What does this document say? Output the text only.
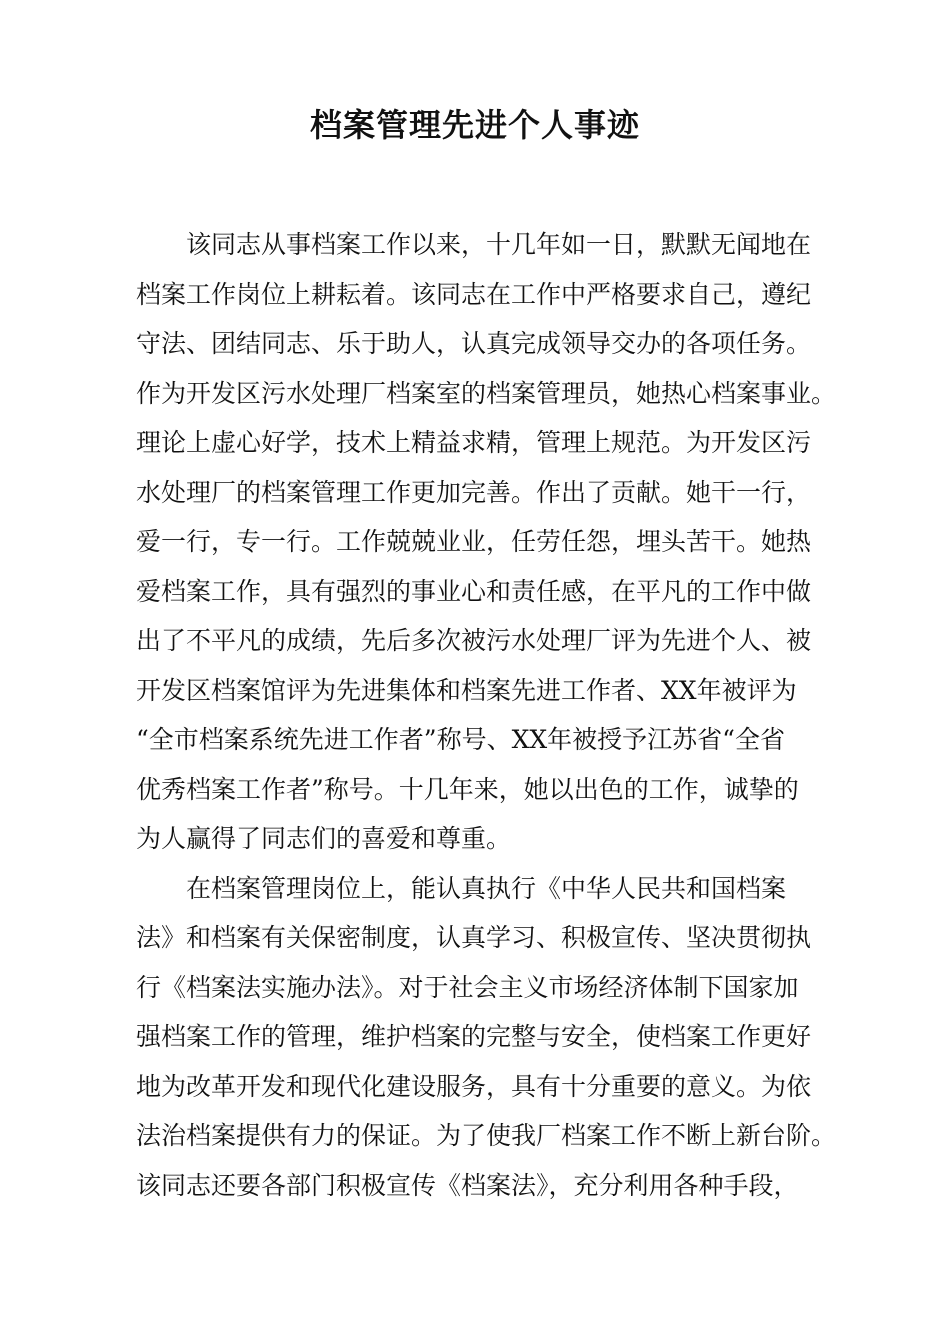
档案管理先进个人事迹
该同志从事档案工作以来，十几年如一日，默默无闻地在
档案工作岗位上耕耘着。该同志在工作中严格要求自己，遵纪
守法、团结同志、乐于助人，认真完成领导交办的各项任务。
作为开发区污水处理厂档案室的档案管理员，她热心档案事业。
理论上虚心好学，技术上精益求精，管理上规范。为开发区污
水处理厂的档案管理工作更加完善。作出了贡献。她干一行，
爱一行，专一行。工作兢兢业业，任劳任怨，埋头苦干。她热
爱档案工作，具有强烈的事业心和责任感，在平凡的工作中做
出了不平凡的成绩，先后多次被污水处理厂评为先进个人、被
开发区档案馆评为先进集体和档案先进工作者、XX年被评为
“全市档案系统先进工作者”称号、XX年被授予江苏省“全省
优秀档案工作者”称号。十几年来，她以出色的工作，诚挚的
为人赢得了同志们的喜爱和尊重。
在档案管理岗位上，能认真执行《中华人民共和国档案
法》和档案有关保密制度，认真学习、积极宣传、坚决贯彻执
行《档案法实施办法》。对于社会主义市场经济体制下国家加
强档案工作的管理，维护档案的完整与安全，使档案工作更好
地为改革开发和现代化建设服务，具有十分重要的意义。为依
法治档案提供有力的保证。为了使我厂档案工作不断上新台阶。
该同志还要各部门积极宣传《档案法》，充分利用各种手段，
